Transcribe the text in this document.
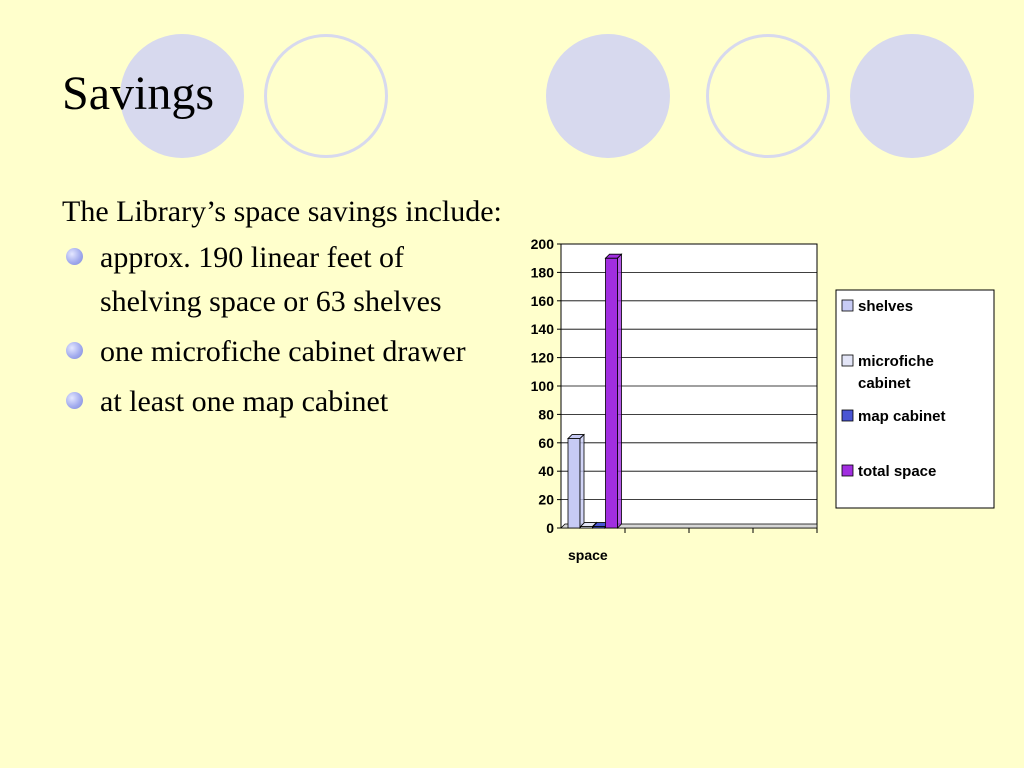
Savings
The Library’s space savings include:
approx. 190 linear feet of shelving space or 63 shelves
one microfiche cabinet drawer
at least one map cabinet
0
20
40
60
80
100
120
140
160
180
200
space
shelves
microfiche
cabinet
map cabinet
total space
